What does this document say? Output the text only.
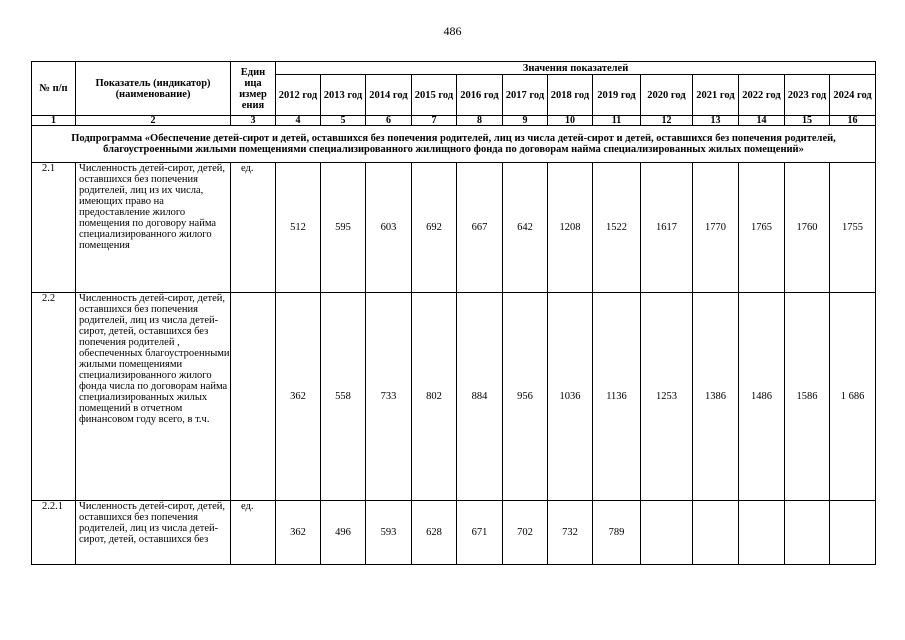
486
№ п/п	Показатель (индикатор) (наименование)	Един ица измер ения	Значения показателей												
			2012 год	2013 год	2014 год	2015 год	2016 год	2017 год	2018 год	2019 год	2020 год	2021 год	2022 год	2023 год	2024 год
1	2	3	4	5	6	7	8	9	10	11	12	13	14	15	16
Подпрограмма «Обеспечение детей-сирот и детей, оставшихся без попечения родителей, лиц из числа детей-сирот и детей, оставшихся без попечения родителей, благоустроенными жилыми помещениями специализированного жилищного фонда по договорам найма специализированных жилых помещений»															
2.1	Численность детей-сирот, детей, оставшихся без попечения родителей, лиц из их числа, имеющих право на предоставление жилого помещения по договору найма специализированного жилого помещения	ед.	512	595	603	692	667	642	1208	1522	1617	1770	1765	1760	1755
2.2	Численность детей-сирот, детей, оставшихся без попечения родителей, лиц из числа детей-сирот, детей, оставшихся без попечения родителей , обеспеченных благоустроенными жилыми помещениями специализированного жилого фонда числа по договорам найма специализированных жилых помещений в отчетном финансовом году всего, в т.ч.		362	558	733	802	884	956	1036	1136	1253	1386	1486	1586	1 686
2.2.1	Численность детей-сирот, детей, оставшихся без попечения родителей, лиц из числа детей-сирот, детей, оставшихся без	ед.	362	496	593	628	671	702	732	789					
